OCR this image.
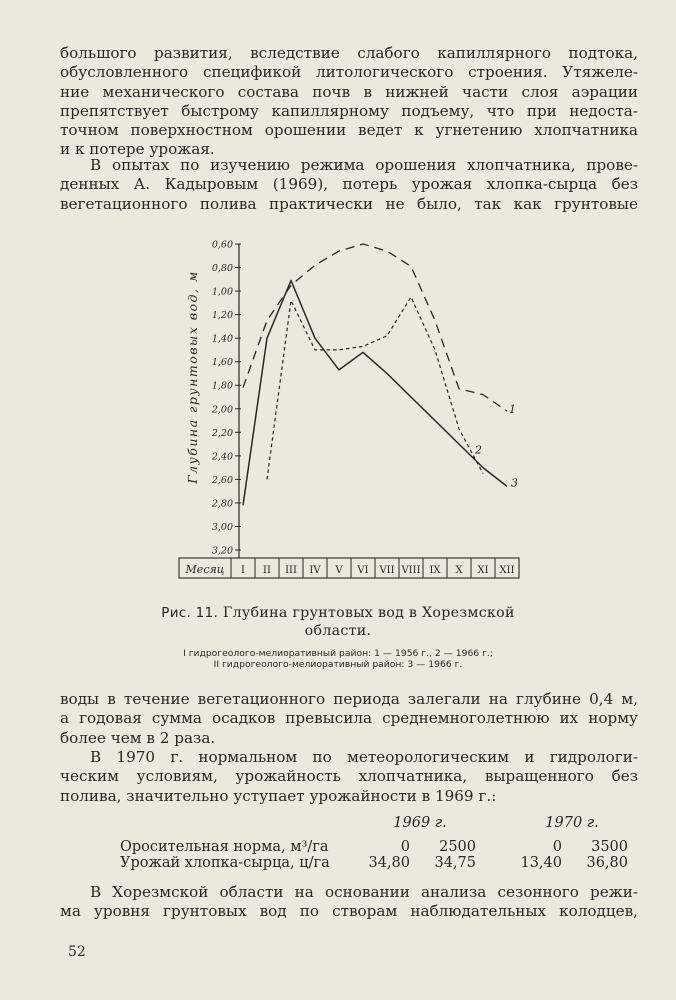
большого развития, вследствие слабого капиллярного подтока,
обусловленного спецификой литологического строения. Утяжеле-
ние механического состава почв в нижней части слоя аэрации
препятствует быстрому капиллярному подъему, что при недоста-
точном поверхностном орошении ведет к угнетению хлопчатника
и к потере урожая.
В опытах по изучению режима орошения хлопчатника, прове-
денных А. Кадыровым (1969), потерь урожая хлопка-сырца без
вегетационного полива практически не было, так как грунтовые
0,60
0,80
1,00
1,20
1,40
1,60
1,80
2,00
2,20
2,40
2,60
2,80
3,00
3,20
Глубина грунтовых вод, м
Месяц I II III IV V VI VII VIII IX X XI XII
1
2
3
Рис. 11. Глубина грунтовых вод в Хорезмской
области.
I гидрогеолого-мелиоративный район: 1 — 1956 г., 2 — 1966 г.;
II гидрогеолого-мелиоративный район: 3 — 1966 г.
воды в течение вегетационного периода залегали на глубине 0,4 м,
а годовая сумма осадков превысила среднемноголетнюю их норму
более чем в 2 раза.
В 1970 г. нормальном по метеорологическим и гидрологи-
ческим условиям, урожайность хлопчатника, выращенного без
полива, значительно уступает урожайности в 1969 г.:
	1969 г.			1970 г.	

Оросительная норма, м³/га	0	2500		0	3500
Урожай хлопка-сырца, ц/га	34,80	34,75		13,40	36,80
В Хорезмской области на основании анализа сезонного режи-
ма уровня грунтовых вод по створам наблюдательных колодцев,
52
